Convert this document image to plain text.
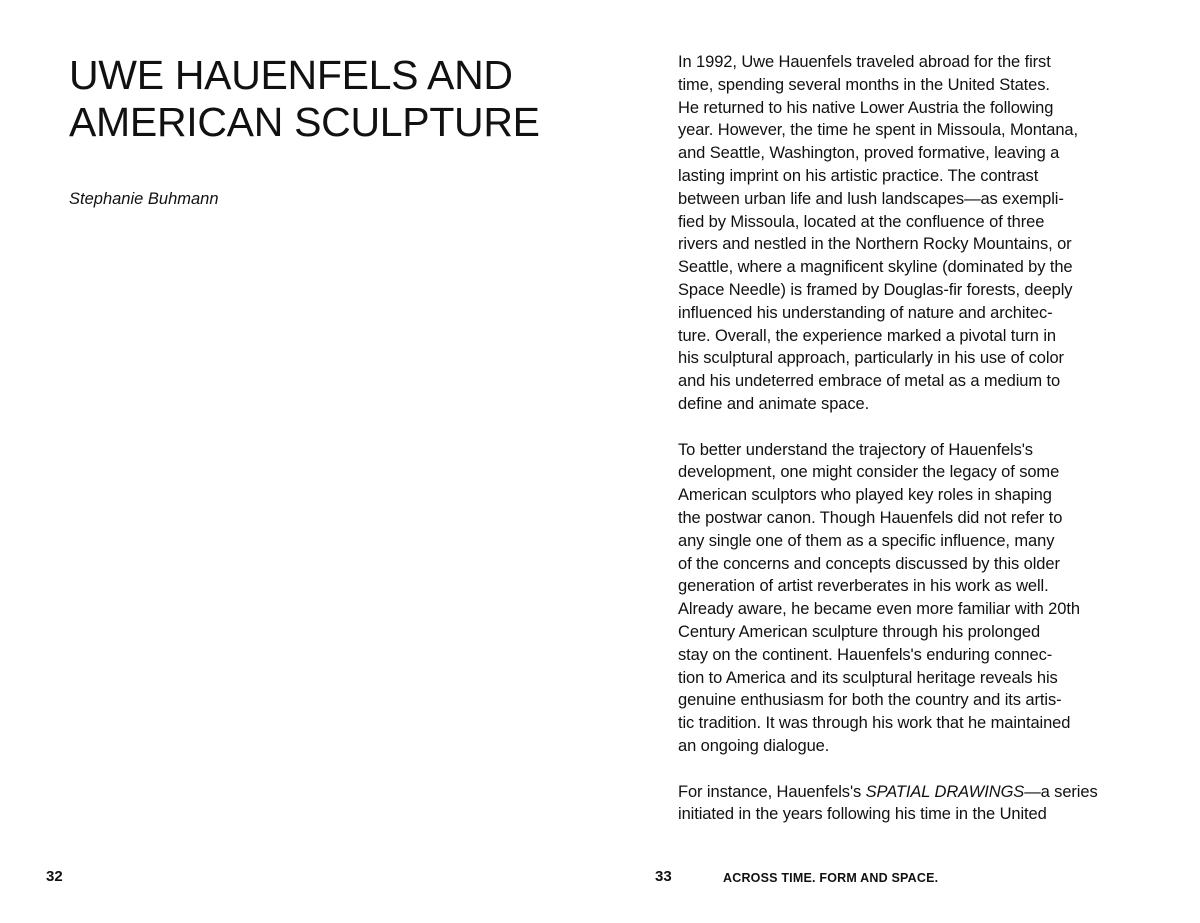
UWE HAUENFELS AND
AMERICAN SCULPTURE
Stephanie Buhmann
32

In 1992, Uwe Hauenfels traveled abroad for the first
time, spending several months in the United States.
He returned to his native Lower Austria the following
year. However, the time he spent in Missoula, Montana,
and Seattle, Washington, proved formative, leaving a
lasting imprint on his artistic practice. The contrast
between urban life and lush landscapes—as exempli-
fied by Missoula, located at the confluence of three
rivers and nestled in the Northern Rocky Mountains, or
Seattle, where a magnificent skyline (dominated by the
Space Needle) is framed by Douglas-fir forests, deeply
influenced his understanding of nature and architec-
ture. Overall, the experience marked a pivotal turn in
his sculptural approach, particularly in his use of color
and his undeterred embrace of metal as a medium to
define and animate space.

To better understand the trajectory of Hauenfels's
development, one might consider the legacy of some
American sculptors who played key roles in shaping
the postwar canon. Though Hauenfels did not refer to
any single one of them as a specific influence, many
of the concerns and concepts discussed by this older
generation of artist reverberates in his work as well.
Already aware, he became even more familiar with 20th
Century American sculpture through his prolonged
stay on the continent. Hauenfels's enduring connec-
tion to America and its sculptural heritage reveals his
genuine enthusiasm for both the country and its artis-
tic tradition. It was through his work that he maintained
an ongoing dialogue.

For instance, Hauenfels's SPATIAL DRAWINGS—a series
initiated in the years following his time in the United

33	ACROSS TIME. FORM AND SPACE.
